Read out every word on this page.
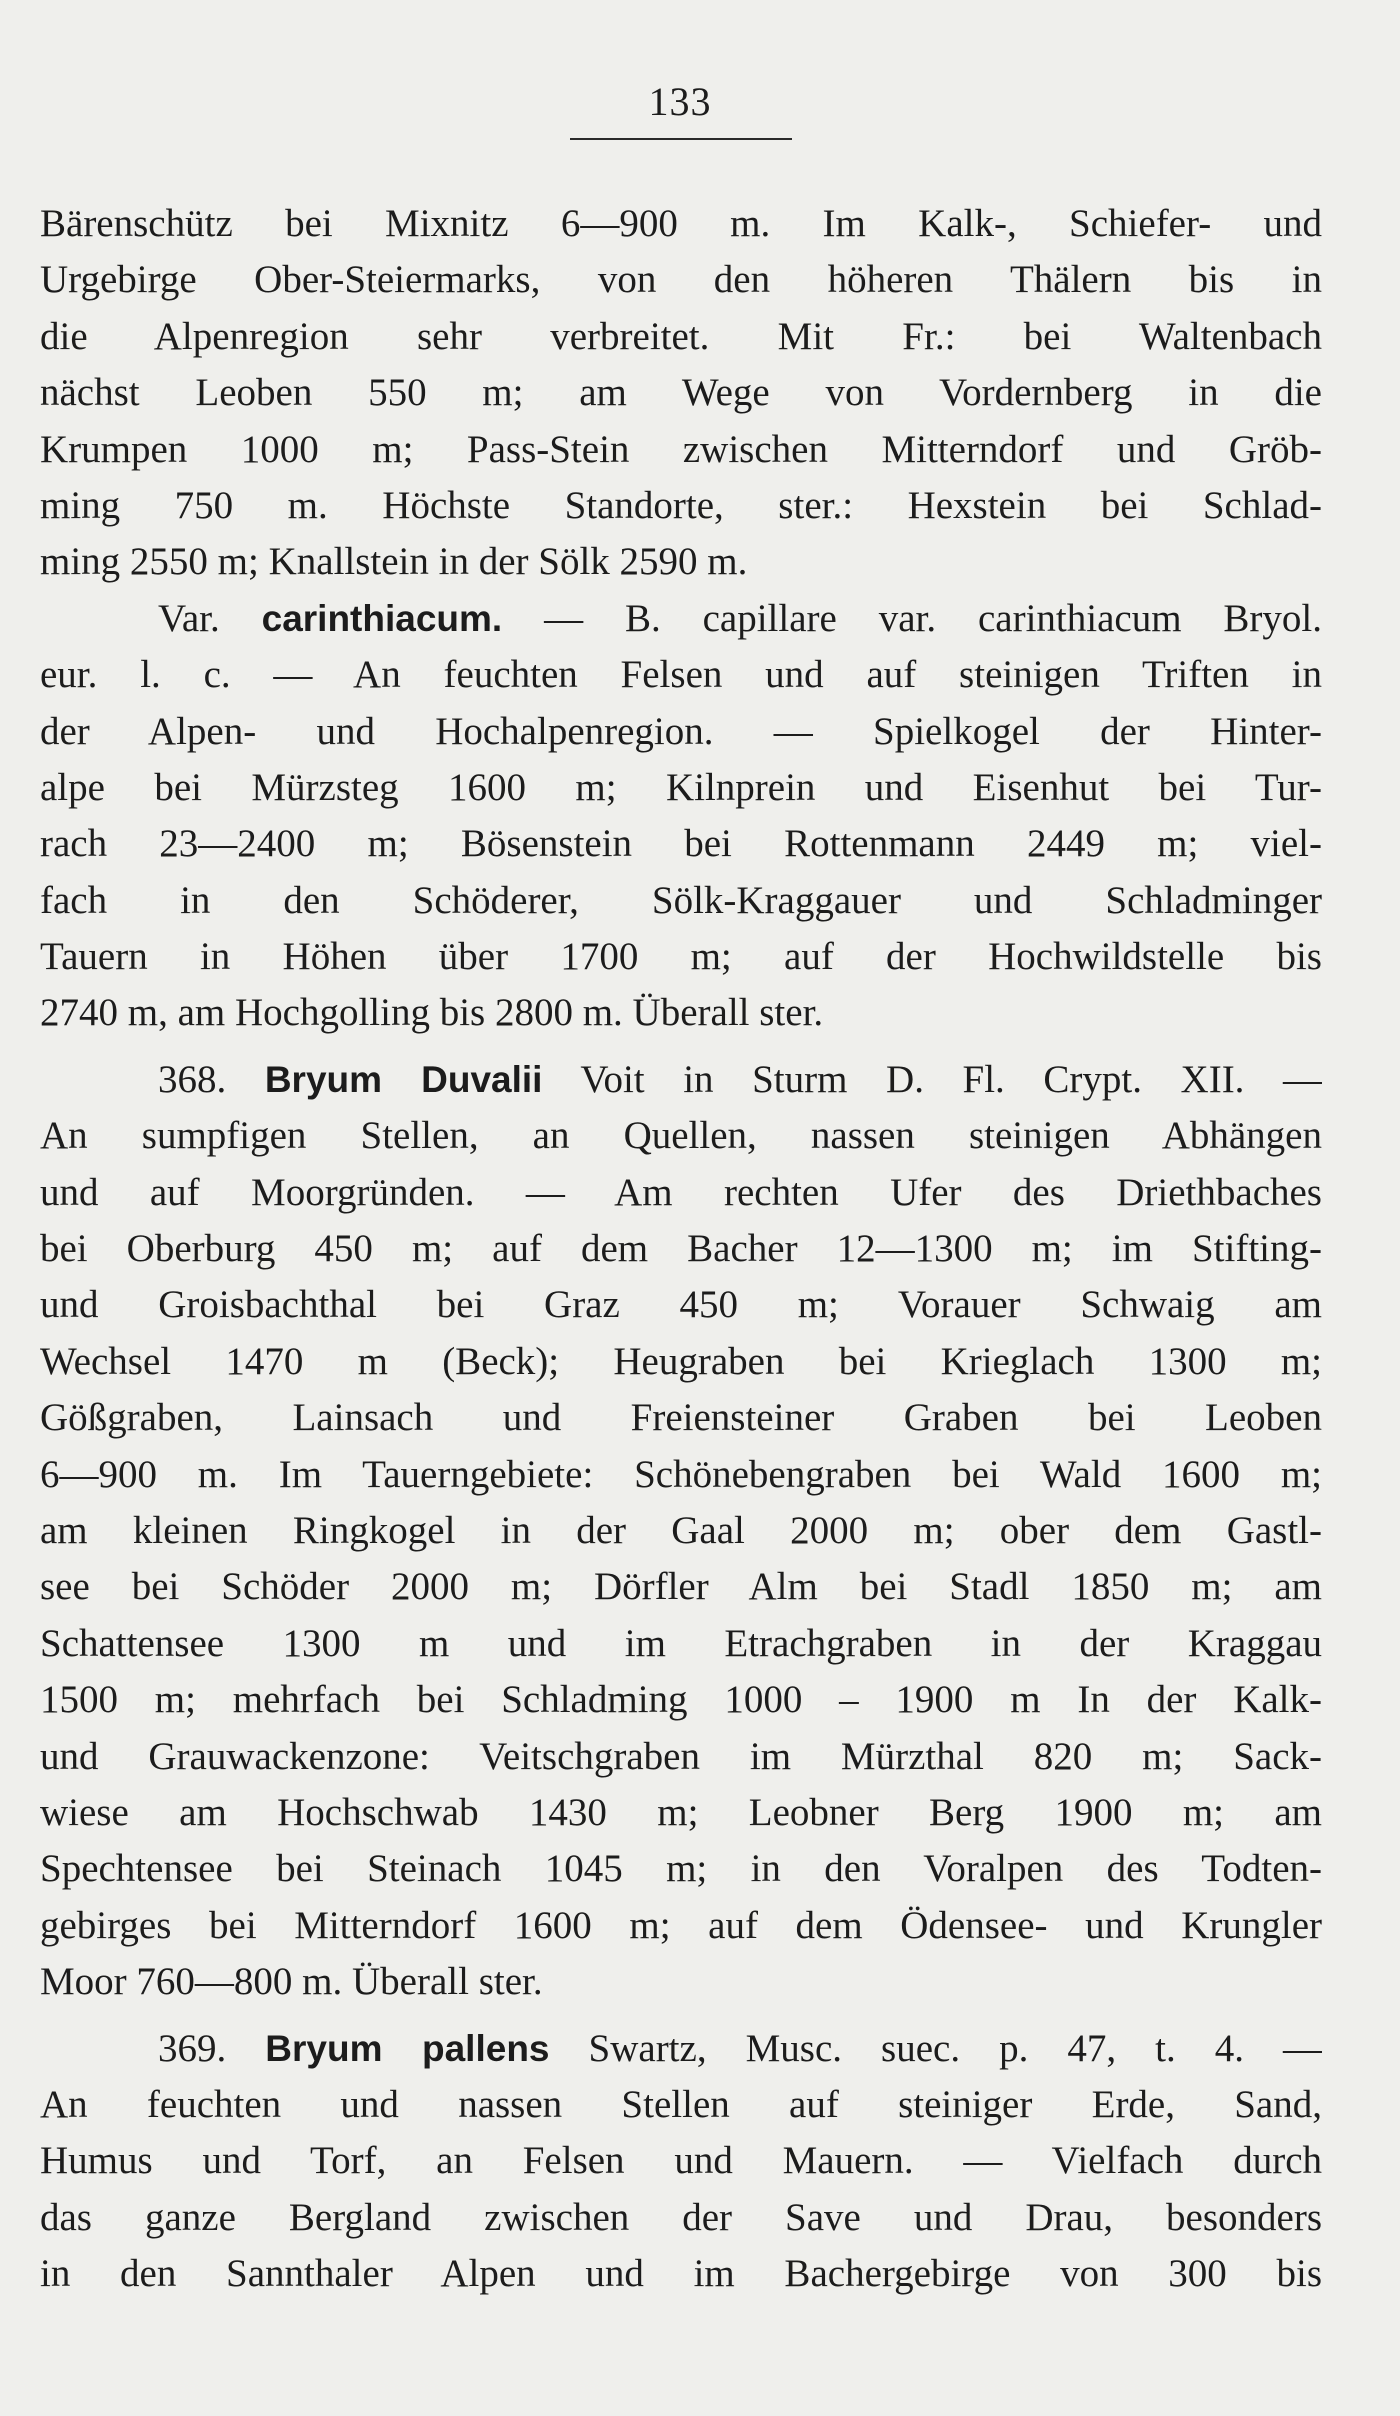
133
Bärenschütz bei Mixnitz 6—900 m. Im Kalk-, Schiefer- und
Urgebirge Ober-Steiermarks, von den höheren Thälern bis in
die Alpenregion sehr verbreitet. Mit Fr.: bei Waltenbach
nächst Leoben 550 m; am Wege von Vordernberg in die
Krumpen 1000 m; Pass-Stein zwischen Mitterndorf und Gröb-
ming 750 m. Höchste Standorte, ster.: Hexstein bei Schlad-
ming 2550 m; Knallstein in der Sölk 2590 m.
Var. carinthiacum. — B. capillare var. carinthiacum Bryol.
eur. l. c. — An feuchten Felsen und auf steinigen Triften in
der Alpen- und Hochalpenregion. — Spielkogel der Hinter-
alpe bei Mürzsteg 1600 m; Kilnprein und Eisenhut bei Tur-
rach 23—2400 m; Bösenstein bei Rottenmann 2449 m; viel-
fach in den Schöderer, Sölk-Kraggauer und Schladminger
Tauern in Höhen über 1700 m; auf der Hochwildstelle bis
2740 m, am Hochgolling bis 2800 m. Überall ster.
368. Bryum Duvalii Voit in Sturm D. Fl. Crypt. XII. —
An sumpfigen Stellen, an Quellen, nassen steinigen Abhängen
und auf Moorgründen. — Am rechten Ufer des Driethbaches
bei Oberburg 450 m; auf dem Bacher 12—1300 m; im Stifting-
und Groisbachthal bei Graz 450 m; Vorauer Schwaig am
Wechsel 1470 m (Beck); Heugraben bei Krieglach 1300 m;
Gößgraben, Lainsach und Freiensteiner Graben bei Leoben
6—900 m. Im Tauerngebiete: Schönebengraben bei Wald 1600 m;
am kleinen Ringkogel in der Gaal 2000 m; ober dem Gastl-
see bei Schöder 2000 m; Dörfler Alm bei Stadl 1850 m; am
Schattensee 1300 m und im Etrachgraben in der Kraggau
1500 m; mehrfach bei Schladming 1000 – 1900 m In der Kalk-
und Grauwackenzone: Veitschgraben im Mürzthal 820 m; Sack-
wiese am Hochschwab 1430 m; Leobner Berg 1900 m; am
Spechtensee bei Steinach 1045 m; in den Voralpen des Todten-
gebirges bei Mitterndorf 1600 m; auf dem Ödensee- und Krungler
Moor 760—800 m. Überall ster.
369. Bryum pallens Swartz, Musc. suec. p. 47, t. 4. —
An feuchten und nassen Stellen auf steiniger Erde, Sand,
Humus und Torf, an Felsen und Mauern. — Vielfach durch
das ganze Bergland zwischen der Save und Drau, besonders
in den Sannthaler Alpen und im Bachergebirge von 300 bis
